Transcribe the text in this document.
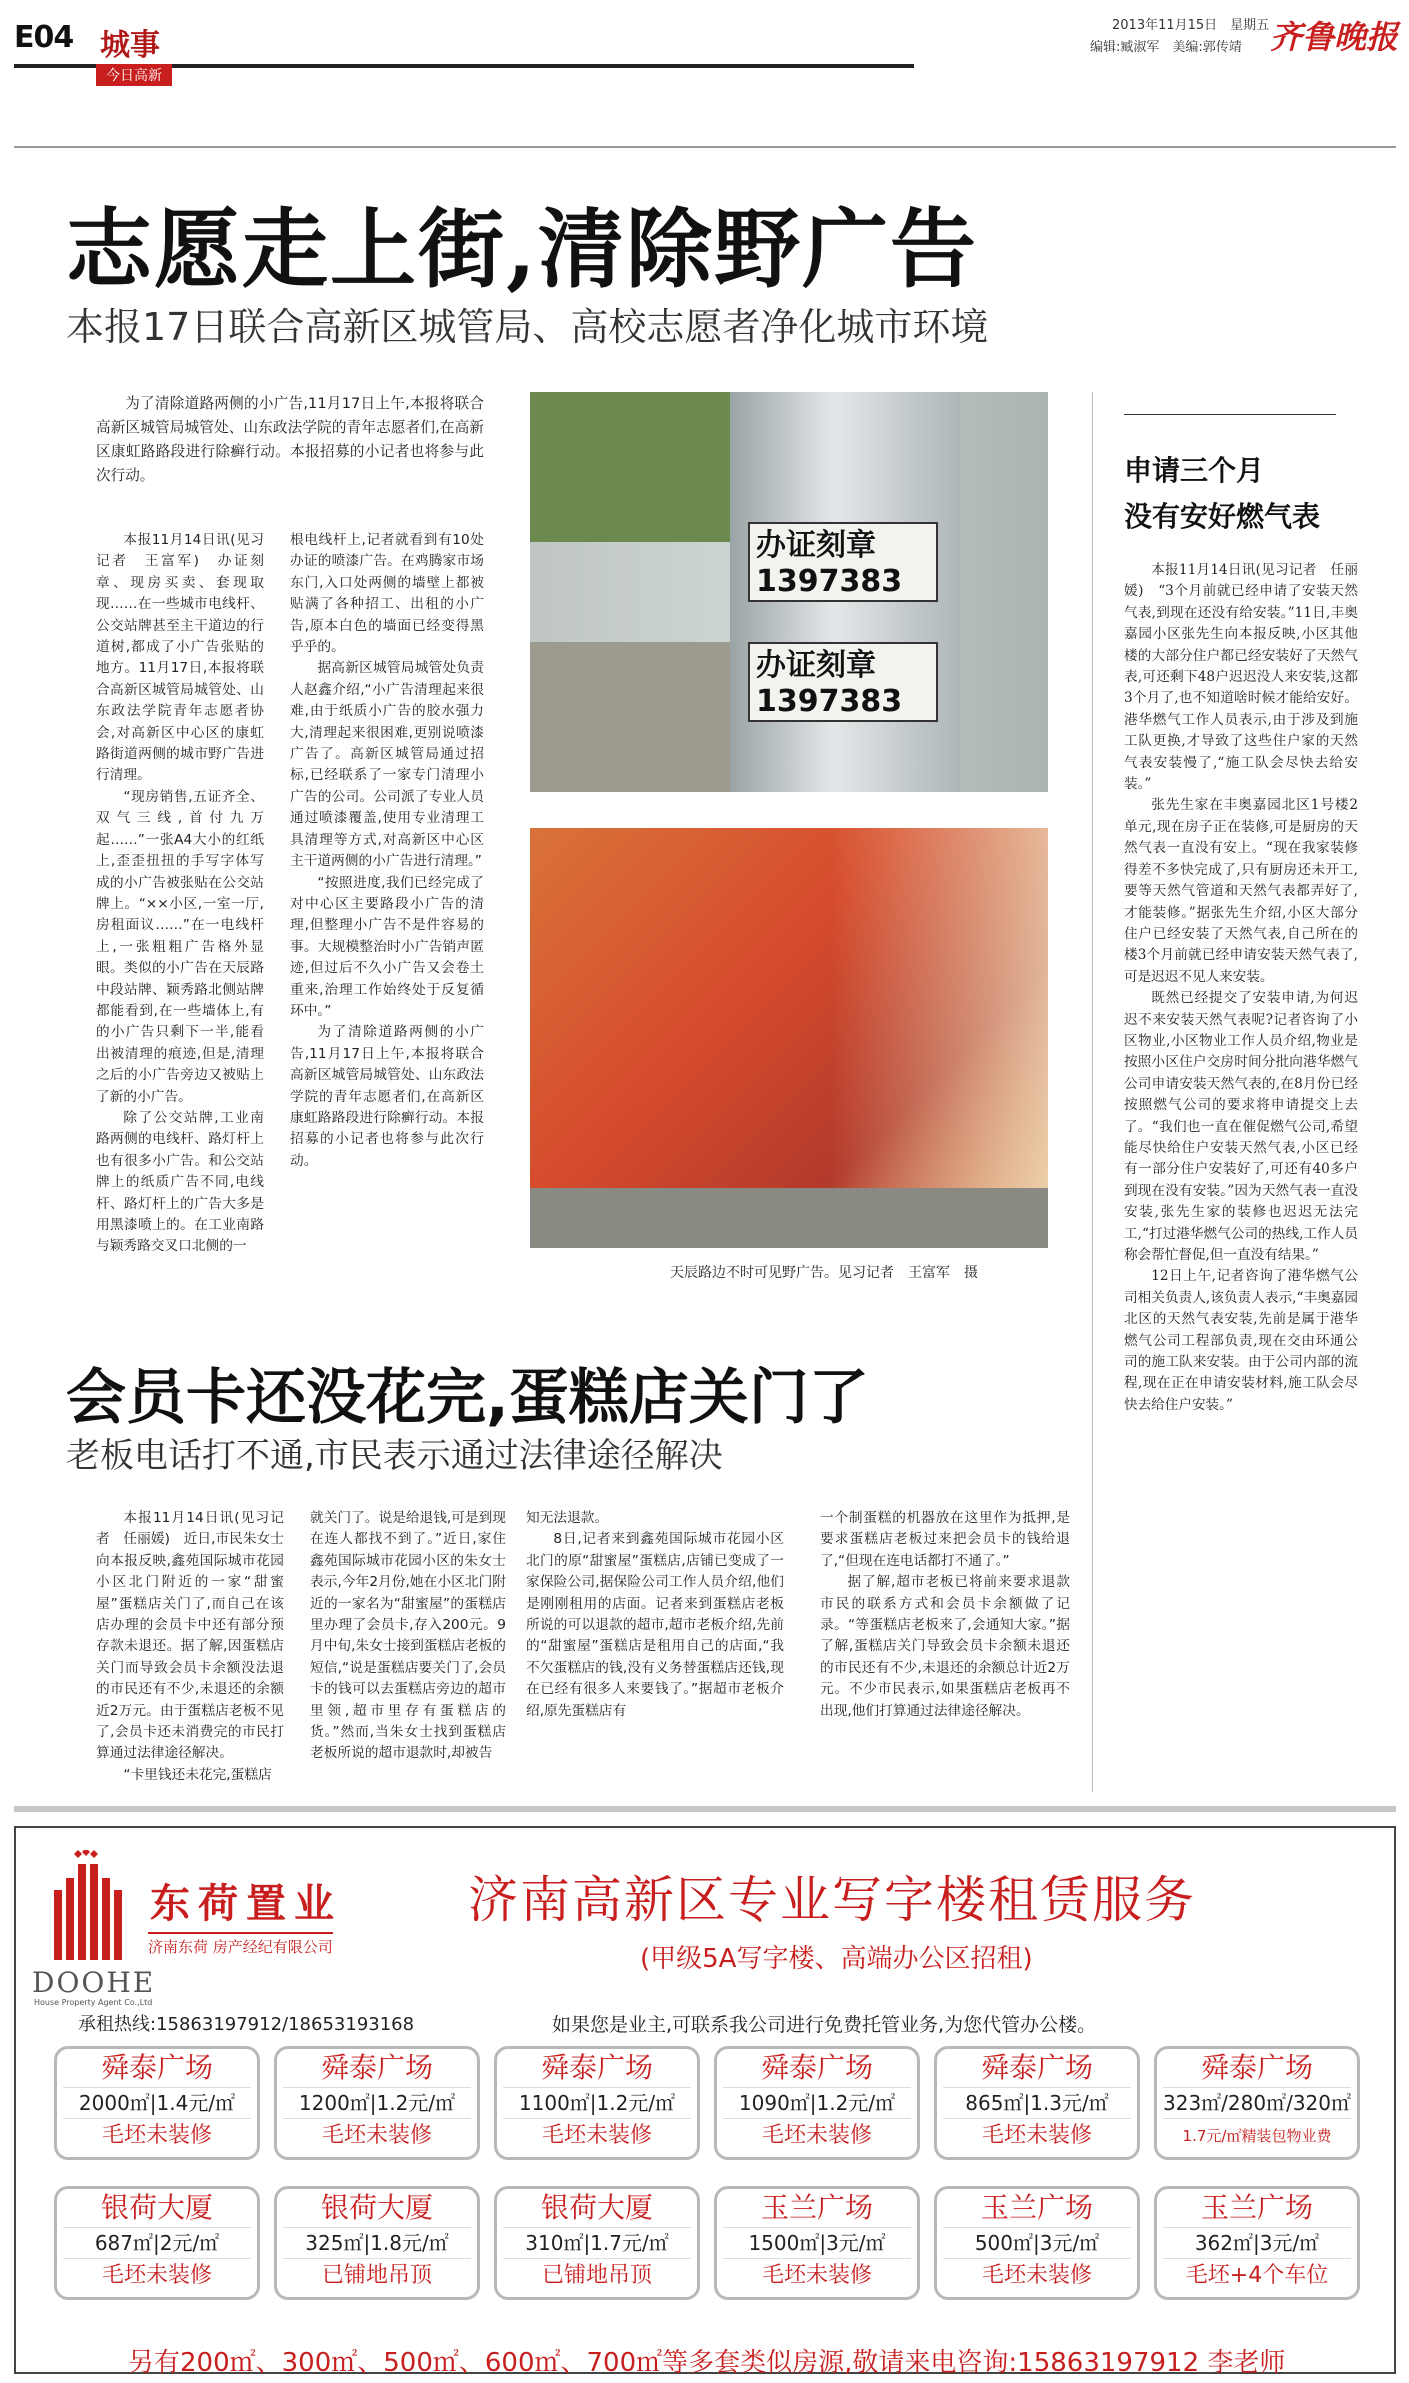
E04 城事
今日高新
2013年11月15日　星期五
编辑:臧淑军　美编:郭传靖 齐鲁晚报
志愿走上街,清除野广告
本报17日联合高新区城管局、高校志愿者净化城市环境

为了清除道路两侧的小广告,11月17日上午,本报将联合高新区城管局城管处、山东政法学院的青年志愿者们,在高新区康虹路路段进行除癣行动。本报招募的小记者也将参与此次行动。

本报11月14日讯(见习记者　王富军)　办证刻章、现房买卖、套现取现……在一些城市电线杆、公交站牌甚至主干道边的行道树,都成了小广告张贴的地方。11月17日,本报将联合高新区城管局城管处、山东政法学院青年志愿者协会,对高新区中心区的康虹路街道两侧的城市野广告进行清理。

“现房销售,五证齐全、双气三线,首付九万起……”一张A4大小的红纸上,歪歪扭扭的手写字体写成的小广告被张贴在公交站牌上。“××小区,一室一厅,房租面议……”在一电线杆上,一张粗粗广告格外显眼。类似的小广告在天辰路中段站牌、颖秀路北侧站牌都能看到,在一些墙体上,有的小广告只剩下一半,能看出被清理的痕迹,但是,清理之后的小广告旁边又被贴上了新的小广告。

除了公交站牌,工业南路两侧的电线杆、路灯杆上也有很多小广告。和公交站牌上的纸质广告不同,电线杆、路灯杆上的广告大多是用黑漆喷上的。在工业南路与颖秀路交叉口北侧的一

根电线杆上,记者就看到有10处办证的喷漆广告。在鸡腾家市场东门,入口处两侧的墙壁上都被贴满了各种招工、出租的小广告,原本白色的墙面已经变得黑乎乎的。

据高新区城管局城管处负责人赵鑫介绍,“小广告清理起来很难,由于纸质小广告的胶水强力大,清理起来很困难,更别说喷漆广告了。高新区城管局通过招标,已经联系了一家专门清理小广告的公司。公司派了专业人员通过喷漆覆盖,使用专业清理工具清理等方式,对高新区中心区主干道两侧的小广告进行清理。”

“按照进度,我们已经完成了对中心区主要路段小广告的清理,但整理小广告不是件容易的事。大规模整治时小广告销声匿迹,但过后不久小广告又会卷土重来,治理工作始终处于反复循环中。”

为了清除道路两侧的小广告,11月17日上午,本报将联合高新区城管局城管处、山东政法学院的青年志愿者们,在高新区康虹路路段进行除癣行动。本报招募的小记者也将参与此次行动。

办证刻章
1397383
办证刻章
1397383
天辰路边不时可见野广告。见习记者　王富军　摄
申请三个月
没有安好燃气表

本报11月14日讯(见习记者　任丽媛)　“3个月前就已经申请了安装天然气表,到现在还没有给安装。”11日,丰奥嘉园小区张先生向本报反映,小区其他楼的大部分住户都已经安装好了天然气表,可还剩下48户迟迟没人来安装,这都3个月了,也不知道啥时候才能给安好。港华燃气工作人员表示,由于涉及到施工队更换,才导致了这些住户家的天然气表安装慢了,“施工队会尽快去给安装。”

张先生家在丰奥嘉园北区1号楼2单元,现在房子正在装修,可是厨房的天然气表一直没有安上。“现在我家装修得差不多快完成了,只有厨房还未开工,要等天然气管道和天然气表都弄好了,才能装修。”据张先生介绍,小区大部分住户已经安装了天然气表,自己所在的楼3个月前就已经申请安装天然气表了,可是迟迟不见人来安装。

既然已经提交了安装申请,为何迟迟不来安装天然气表呢?记者咨询了小区物业,小区物业工作人员介绍,物业是按照小区住户交房时间分批向港华燃气公司申请安装天然气表的,在8月份已经按照燃气公司的要求将申请提交上去了。“我们也一直在催促燃气公司,希望能尽快给住户安装天然气表,小区已经有一部分住户安装好了,可还有40多户到现在没有安装。”因为天然气表一直没安装,张先生家的装修也迟迟无法完工,“打过港华燃气公司的热线,工作人员称会帮忙督促,但一直没有结果。”

12日上午,记者咨询了港华燃气公司相关负责人,该负责人表示,“丰奥嘉园北区的天然气表安装,先前是属于港华燃气公司工程部负责,现在交由环通公司的施工队来安装。由于公司内部的流程,现在正在申请安装材料,施工队会尽快去给住户安装。”

会员卡还没花完,蛋糕店关门了
老板电话打不通,市民表示通过法律途径解决

本报11月14日讯(见习记者　任丽媛)　近日,市民朱女士向本报反映,鑫苑国际城市花园小区北门附近的一家“甜蜜屋”蛋糕店关门了,而自己在该店办理的会员卡中还有部分预存款未退还。据了解,因蛋糕店关门而导致会员卡余额没法退的市民还有不少,未退还的余额近2万元。由于蛋糕店老板不见了,会员卡还未消费完的市民打算通过法律途径解决。

“卡里钱还未花完,蛋糕店

就关门了。说是给退钱,可是到现在连人都找不到了。”近日,家住鑫苑国际城市花园小区的朱女士表示,今年2月份,她在小区北门附近的一家名为“甜蜜屋”的蛋糕店里办理了会员卡,存入200元。9月中旬,朱女士接到蛋糕店老板的短信,“说是蛋糕店要关门了,会员卡的钱可以去蛋糕店旁边的超市里领,超市里存有蛋糕店的货。”然而,当朱女士找到蛋糕店老板所说的超市退款时,却被告

知无法退款。

8日,记者来到鑫苑国际城市花园小区北门的原“甜蜜屋”蛋糕店,店铺已变成了一家保险公司,据保险公司工作人员介绍,他们是刚刚租用的店面。记者来到蛋糕店老板所说的可以退款的超市,超市老板介绍,先前的“甜蜜屋”蛋糕店是租用自己的店面,“我不欠蛋糕店的钱,没有义务替蛋糕店还钱,现在已经有很多人来要钱了。”据超市老板介绍,原先蛋糕店有

一个制蛋糕的机器放在这里作为抵押,是要求蛋糕店老板过来把会员卡的钱给退了,“但现在连电话都打不通了。”

据了解,超市老板已将前来要求退款市民的联系方式和会员卡余额做了记录。“等蛋糕店老板来了,会通知大家。”据了解,蛋糕店关门导致会员卡余额未退还的市民还有不少,未退还的余额总计近2万元。不少市民表示,如果蛋糕店老板再不出现,他们打算通过法律途径解决。

东荷置业
济南东荷 房产经纪有限公司
DOOHE
House Property Agent Co.,Ltd
济南高新区专业写字楼租赁服务
(甲级5A写字楼、高端办公区招租)
承租热线:15863197912/18653193168	如果您是业主,可联系我公司进行免费托管业务,为您代管办公楼。
舜泰广场
2000㎡|1.4元/㎡
毛坯未装修
舜泰广场
1200㎡|1.2元/㎡
毛坯未装修
舜泰广场
1100㎡|1.2元/㎡
毛坯未装修
舜泰广场
1090㎡|1.2元/㎡
毛坯未装修
舜泰广场
865㎡|1.3元/㎡
毛坯未装修
舜泰广场
323㎡/280㎡/320㎡
1.7元/㎡精装包物业费
银荷大厦
687㎡|2元/㎡
毛坯未装修
银荷大厦
325㎡|1.8元/㎡
已铺地吊顶
银荷大厦
310㎡|1.7元/㎡
已铺地吊顶
玉兰广场
1500㎡|3元/㎡
毛坯未装修
玉兰广场
500㎡|3元/㎡
毛坯未装修
玉兰广场
362㎡|3元/㎡
毛坯+4个车位
另有200㎡、300㎡、500㎡、600㎡、700㎡等多套类似房源,敬请来电咨询:15863197912 李老师
